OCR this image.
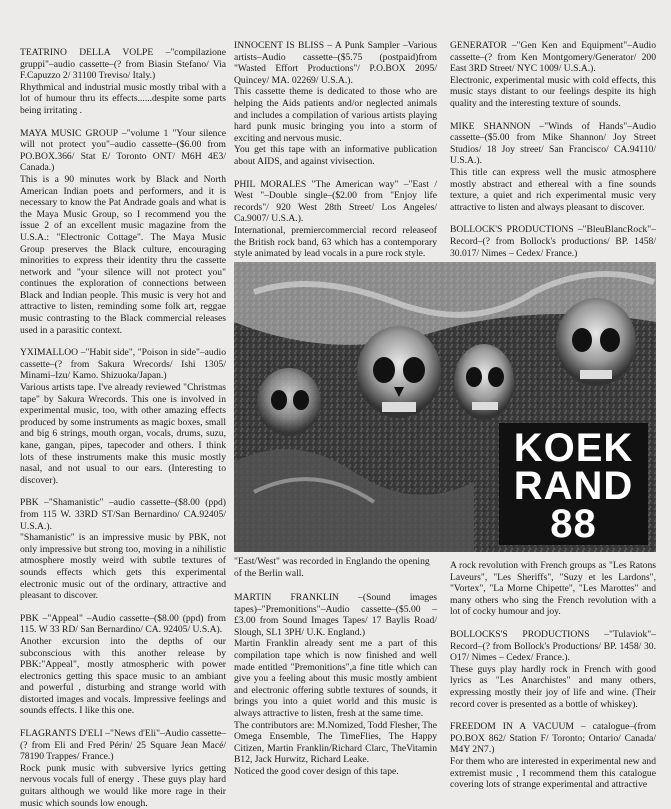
TEATRINO DELLA VOLPE –"compilazione gruppi"–audio cassette–(? from Biasin Stefano/ Via F.Capuzzo 2/ 31100 Treviso/ Italy.)

Rhythmical and industrial music mostly tribal with a lot of humour thru its effects......despite some parts being irritating .

MAYA MUSIC GROUP –"volume 1 "Your silence will not protect you"–audio cassette–($6.00 from PO.BOX.366/ Stat E/ Toronto ONT/ M6H 4E3/ Canada.)

This is a 90 minutes work by Black and North American Indian poets and performers, and it is necessary to know the Pat Andrade goals and what is the Maya Music Group, so I recommend you the issue 2 of an excellent music magazine from the U.S.A.: "Electronic Cottage". The Maya Music Group preserves the Black culture, encouraging minorities to express their identity thru the cassette network and "your silence will not protect you" continues the exploration of connections between Black and Indian people. This music is very hot and attractive to listen, reminding some folk art, reggae music contrasting to the Black commercial releases used in a parasitic context.

YXIMALLOO –"Habit side", "Poison in side"–audio cassette–(? from Sakura Wrecords/ Ishi 1305/ Minami–Izu/ Kamo. Shizuoka/Japan.)

Various artists tape. I've already reviewed "Christmas tape" by Sakura Wrecords. This one is involved in experimental music, too, with other amazing effects produced by some instruments as magic boxes, small and big 6 strings, mouth organ, vocals, drums, suzu, kane, gangan, pipes, tapecoder and others. I think lots of these instruments make this music mostly nasal, and not usual to our ears. (Interesting to discover).

PBK –"Shamanistic" –audio cassette–($8.00 (ppd) from 115 W. 33RD ST/San Bernardino/ CA.92405/ U.S.A.).

"Shamanistic" is an impressive music by PBK, not only impressive but strong too, moving in a nihilistic atmosphere mostly weird with subtle textures of sounds effects which gets this experimental electronic music out of the ordinary, attractive and pleasant to discover.

PBK –"Appeal" –Audio cassette–($8.00 (ppd) from 115. W 33 RD/ San Bernardino/ CA. 92405/ U.S.A).

Another excursion into the depths of our subconscious with this another release by PBK:"Appeal", mostly atmospheric with power electronics getting this space music to an ambiant and powerful , disturbing and strange world with distorted images and vocals. Impressive feelings and sounds effects. I like this one.

FLAGRANTS D'ELI –"News d'Eli"–Audio cassette–(? from Eli and Fred Périn/ 25 Square Jean Macé/ 78190 Trappes/ France.)

Rock punk music with subversive lyrics getting nervous vocals full of energy . These guys play hard guitars although we would like more rage in their music which sounds low enough.

INNOCENT IS BLISS – A Punk Sampler –Various artists–Audio cassette–($5.75 (postpaid)from "Wasted Effort Productions"/ P.O.BOX 2095/ Quincey/ MA. 02269/ U.S.A.).

This cassette theme is dedicated to those who are helping the Aids patients and/or neglected animals and includes a compilation of various artists playing hard punk music bringing you into a storm of exciting and nervous music.
You get this tape with an informative publication about AIDS, and against vivisection.

PHIL MORALES "The American way" –"East / West "–Double single–($2.00 from "Enjoy life records"/ 920 West 28th Street/ Los Angeles/ Ca.9007/ U.S.A.).

International, premiercommercial record releaseof the British rock band, 63 which has a contemporary style animated by lead vocals in a pure rock style.

GENERATOR –"Gen Ken and Equipment"–Audio cassette–(? from Ken Montgomery/Generator/ 200 East 3RD Street/ NYC 1009/ U.S.A.).

Electronic, experimental music with cold effects, this music stays distant to our feelings despite its high quality and the interesting texture of sounds.

MIKE SHANNON –"Winds of Hands"–Audio cassette–($5.00 from Mike Shannon/ Joy Street Studios/ 18 Joy street/ San Francisco/ CA.94110/ U.S.A.).

This title can express well the music atmosphere mostly abstract and ethereal with a fine sounds texture, a quiet and rich experimental music very attractive to listen and always pleasant to discover.

BOLLOCK'S PRODUCTIONS –"BleuBlancRock"–Record–(? from Bollock's productions/ BP. 1458/ 30.017/ Nimes – Cedex/ France.)

KOEK
RAND
88
"East/West" was recorded in Englando the opening of the Berlin wall.

MARTIN FRANKLIN –(Sound images tapes)–"Premonitions"–Audio cassette–($5.00 – £3.00 from Sound Images Tapes/ 17 Baylis Road/ Slough, SL1 3PH/ U.K. England.)

Martin Franklin already sent me a part of this compilation tape which is now finished and well made entitled "Premonitions",a fine title which can give you a feeling about this music mostly ambient and electronic offering subtle textures of sounds, it brings you into a quiet world and this music is always attractive to listen, fresh at the same time.
The contributors are: M.Nomized, Todd Flesher, The Omega Ensemble, The TimeFlies, The Happy Citizen, Martin Franklin/Richard Clarc, TheVitamin B12, Jack Hurwitz, Richard Leake.
Noticed the good cover design of this tape.

A rock revolution with French groups as "Les Ratons Laveurs", "Les Sheriffs", "Suzy et les Lardons", "Vortex", "La Morne Chipette", "Les Marottes" and many others who sing the French revolution with a lot of cocky humour and joy.

BOLLOCKS'S PRODUCTIONS –"Tulaviok"–Record–(? from Bollock's Productions/ BP. 1458/ 30. O17/ Nimes – Cedex/ France.).

These guys play hardly rock in French with good lyrics as "Les Anarchistes" and many others, expressing mostly their joy of life and wine. (Their record cover is presented as a bottle of whiskey).

FREEDOM IN A VACUUM – catalogue–(from PO.BOX 862/ Station F/ Toronto; Ontario/ Canada/ M4Y 2N7.)

For them who are interested in experimental new and extremist music , I recommend them this catalogue covering lots of strange experimental and attractive
